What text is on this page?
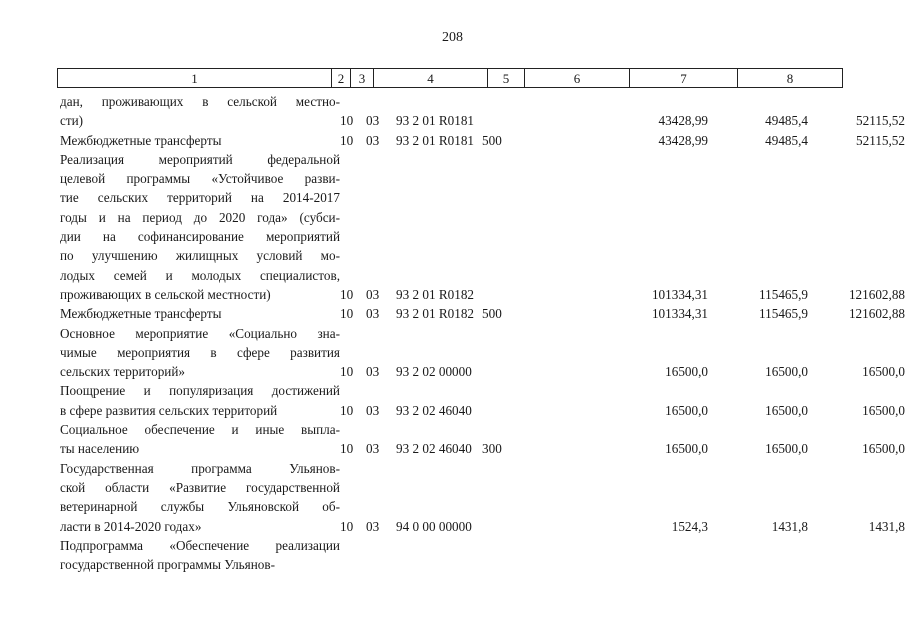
208
1	2	3	4	5	6	7	8
дан, проживающих в сельской местно-
сти)	10 03	93 2 01 R0181	43428,99	49485,4	52115,52
Межбюджетные трансферты	10 03	93 2 01 R0181 500	43428,99	49485,4	52115,52
Реализация мероприятий федеральной
целевой программы «Устойчивое разви-
тие сельских территорий на 2014-2017
годы и на период до 2020 года» (субси-
дии на софинансирование мероприятий
по улучшению жилищных условий мо-
лодых семей и молодых специалистов,
проживающих в сельской местности)	10 03	93 2 01 R0182	101334,31	115465,9	121602,88
Межбюджетные трансферты	10 03	93 2 01 R0182 500	101334,31	115465,9	121602,88
Основное мероприятие «Социально зна-
чимые мероприятия в сфере развития
сельских территорий»	10 03	93 2 02 00000	16500,0	16500,0	16500,0
Поощрение и популяризация достижений
в сфере развития сельских территорий	10 03	93 2 02 46040	16500,0	16500,0	16500,0
Социальное обеспечение и иные выпла-
ты населению	10 03	93 2 02 46040 300	16500,0	16500,0	16500,0
Государственная программа Ульянов-
ской области «Развитие государственной
ветеринарной службы Ульяновской об-
ласти в 2014-2020 годах»	10 03	94 0 00 00000	1524,3	1431,8	1431,8
Подпрограмма «Обеспечение реализации
государственной программы Ульянов-
